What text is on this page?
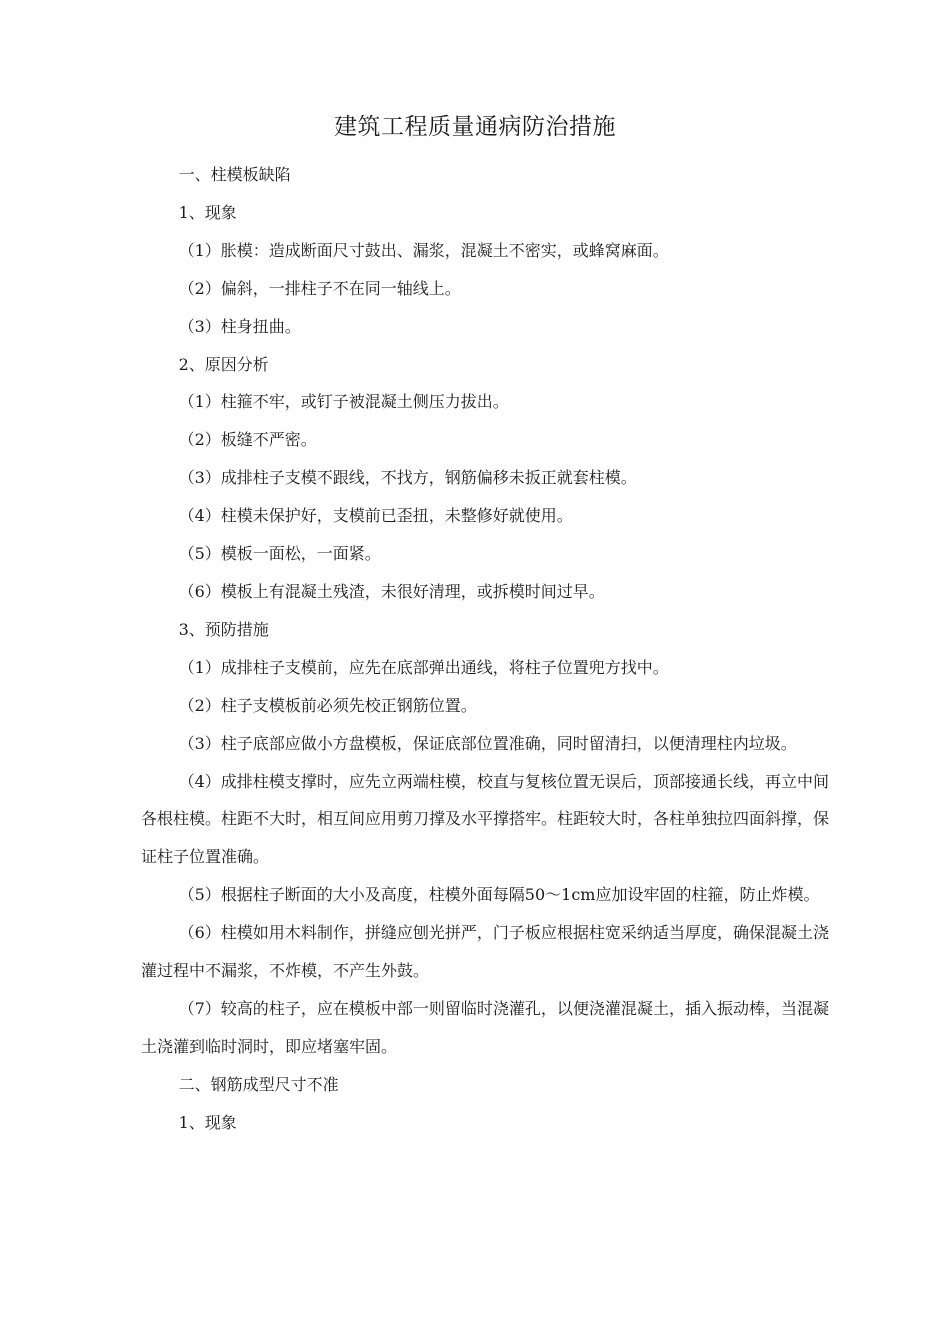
建筑工程质量通病防治措施

一、柱模板缺陷

1、现象

（1）胀模：造成断面尺寸鼓出、漏浆，混凝土不密实，或蜂窝麻面。

（2）偏斜，一排柱子不在同一轴线上。

（3）柱身扭曲。

2、原因分析

（1）柱箍不牢，或钉子被混凝土侧压力拔出。

（2）板缝不严密。

（3）成排柱子支模不跟线，不找方，钢筋偏移未扳正就套柱模。

（4）柱模未保护好，支模前已歪扭，未整修好就使用。

（5）模板一面松，一面紧。

（6）模板上有混凝土残渣，未很好清理，或拆模时间过早。

3、预防措施

（1）成排柱子支模前，应先在底部弹出通线，将柱子位置兜方找中。

（2）柱子支模板前必须先校正钢筋位置。

（3）柱子底部应做小方盘模板，保证底部位置准确，同时留清扫，以便清理柱内垃圾。

（4）成排柱模支撑时，应先立两端柱模，校直与复核位置无误后，顶部接通长线，再立中间各根柱模。柱距不大时，相互间应用剪刀撑及水平撑搭牢。柱距较大时，各柱单独拉四面斜撑，保证柱子位置准确。

（5）根据柱子断面的大小及高度，柱模外面每隔50〜1cm应加设牢固的柱箍，防止炸模。

（6）柱模如用木料制作，拼缝应刨光拼严，门子板应根据柱宽采纳适当厚度，确保混凝土浇灌过程中不漏浆，不炸模，不产生外鼓。

（7）较高的柱子，应在模板中部一则留临时浇灌孔，以便浇灌混凝土，插入振动棒，当混凝土浇灌到临时洞时，即应堵塞牢固。

二、钢筋成型尺寸不准

1、现象
